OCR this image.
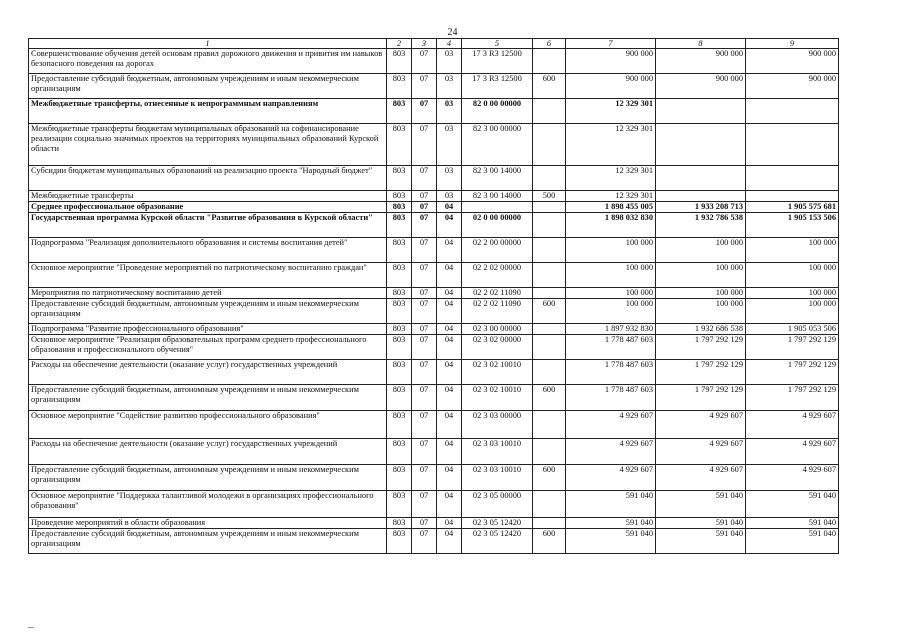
24
1	2	3	4	5	6	7	8	9
Совершенствование обучения детей основам правил дорожного движения и привития им навыков безопасного поведения на дорогах	803	07	03	17 3 R3 12500		900 000	900 000	900 000
Предоставление субсидий бюджетным, автономным учреждениям и иным некоммерческим организациям	803	07	03	17 3 R3 12500	600	900 000	900 000	900 000
Межбюджетные трансферты, отнесенные к непрограммным направлениям	803	07	03	82 0 00 00000		12 329 301		
Межбюджетные трансферты бюджетам муниципальных образований на софинансирование реализации социально значимых проектов на территориях муниципальных образований Курской области	803	07	03	82 3 00 00000		12 329 301		
Субсидии бюджетам муниципальных образований на реализацию проекта "Народный бюджет"	803	07	03	82 3 00 14000		12 329 301		
Межбюджетные трансферты	803	07	03	82 3 00 14000	500	12 329 301		
Среднее профессиональное образование	803	07	04			1 898 455 005	1 933 208 713	1 905 575 681
Государственная программа Курской области "Развитие образования в Курской области"	803	07	04	02 0 00 00000		1 898 032 830	1 932 786 538	1 905 153 506
Подпрограмма "Реализация дополнительного образования и системы воспитания детей"	803	07	04	02 2 00 00000		100 000	100 000	100 000
Основное мероприятие "Проведение мероприятий по патриотическому воспитанию граждан"	803	07	04	02 2 02 00000		100 000	100 000	100 000
Мероприятия по патриотическому воспитанию детей	803	07	04	02 2 02 11090		100 000	100 000	100 000
Предоставление субсидий бюджетным, автономным учреждениям и иным некоммерческим организациям	803	07	04	02 2 02 11090	600	100 000	100 000	100 000
Подпрограмма "Развитие профессионального образования"	803	07	04	02 3 00 00000		1 897 932 830	1 932 686 538	1 905 053 506
Основное мероприятие "Реализация образовательных программ среднего профессионального образования и профессионального обучения"	803	07	04	02 3 02 00000		1 778 487 603	1 797 292 129	1 797 292 129
Расходы на обеспечение деятельности (оказание услуг) государственных учреждений	803	07	04	02 3 02 10010		1 778 487 603	1 797 292 129	1 797 292 129
Предоставление субсидий бюджетным, автономным учреждениям и иным некоммерческим организациям	803	07	04	02 3 02 10010	600	1 778 487 603	1 797 292 129	1 797 292 129
Основное мероприятие "Содействие развитию профессионального образования"	803	07	04	02 3 03 00000		4 929 607	4 929 607	4 929 607
Расходы на обеспечение деятельности (оказание услуг) государственных учреждений	803	07	04	02 3 03 10010		4 929 607	4 929 607	4 929 607
Предоставление субсидий бюджетным, автономным учреждениям и иным некоммерческим организациям	803	07	04	02 3 03 10010	600	4 929 607	4 929 607	4 929 607
Основное мероприятие "Поддержка талантливой молодежи в организациях профессионального образования"	803	07	04	02 3 05 00000		591 040	591 040	591 040
Проведение мероприятий в области образования	803	07	04	02 3 05 12420		591 040	591 040	591 040
Предоставление субсидий бюджетным, автономным учреждениям и иным некоммерческим организациям	803	07	04	02 3 05 12420	600	591 040	591 040	591 040
